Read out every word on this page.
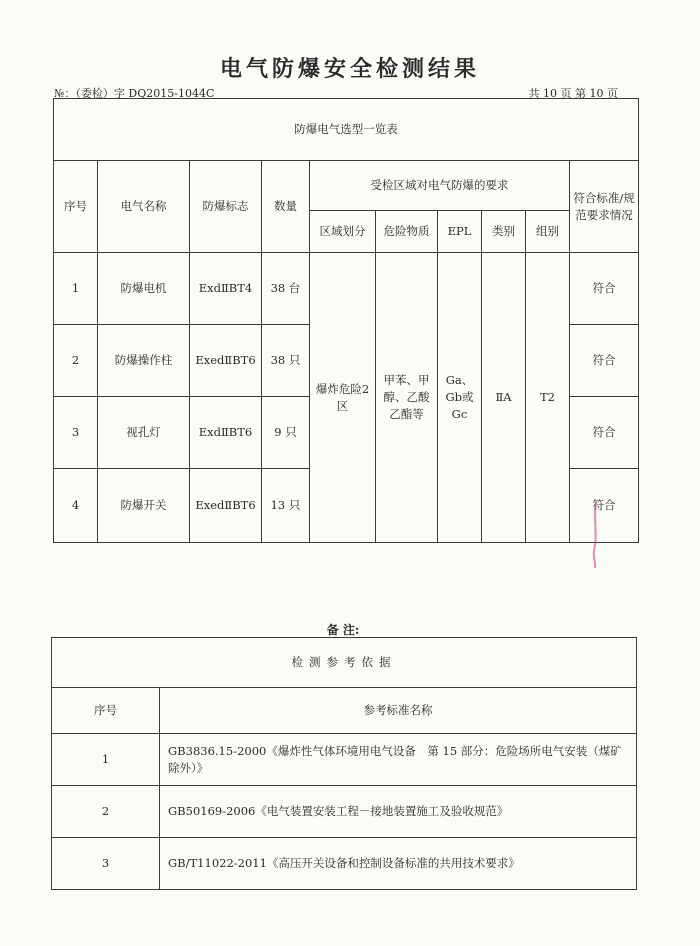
电气防爆安全检测结果
№：（委检）字 DQ2015-1044C	共 10 页 第 10 页
防爆电气选型一览表									
序号	电气名称	防爆标志	数量	受检区域对电气防爆的要求					符合标准/规范要求情况
				区域划分	危险物质	EPL	类别	组别	
1	防爆电机	ExdⅡBT4	38 台	爆炸危险2区	甲苯、甲醇、乙酸乙酯等	Ga、Gb或Gc	ⅡA	T2	符合
2	防爆操作柱	ExedⅡBT6	38 只						符合
3	视孔灯	ExdⅡBT6	9 只						符合
4	防爆开关	ExedⅡBT6	13 只						符合
备 注:
检测参考依据	
序号	参考标准名称
1	GB3836.15-2000《爆炸性气体环境用电气设备　第 15 部分：危险场所电气安装（煤矿除外）》
2	GB50169-2006《电气装置安装工程－接地装置施工及验收规范》
3	GB/T11022-2011《高压开关设备和控制设备标准的共用技术要求》
